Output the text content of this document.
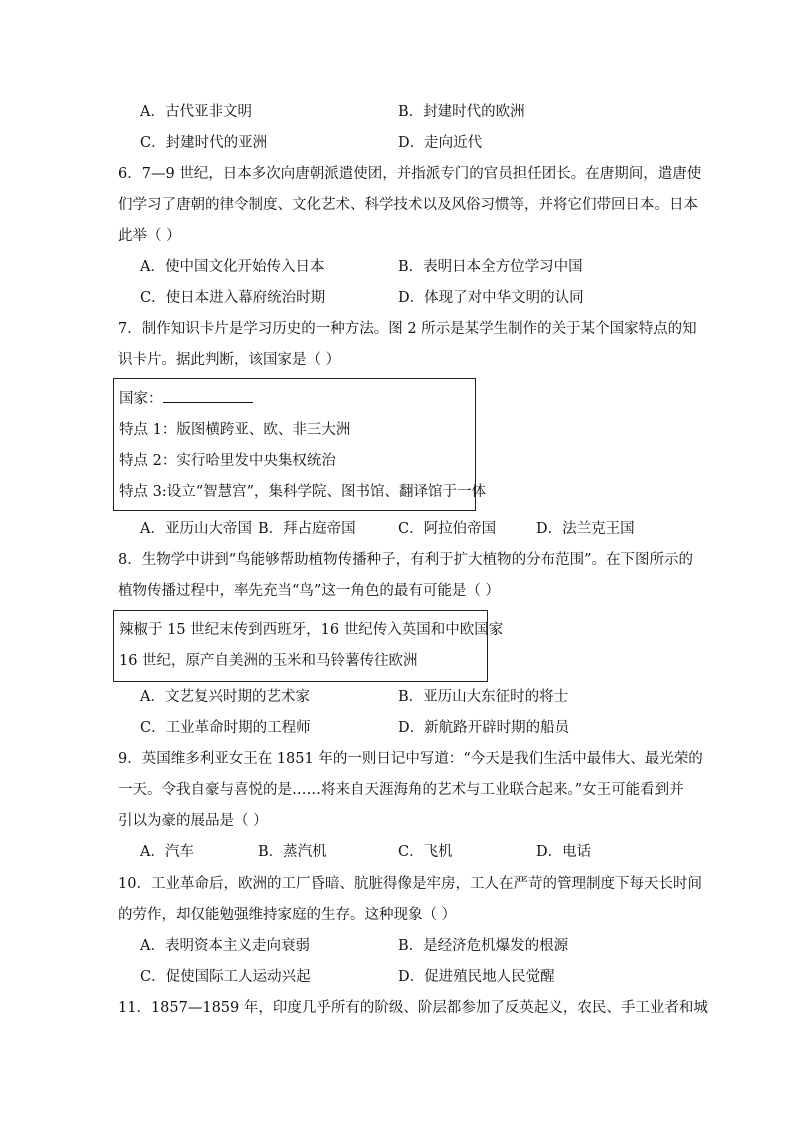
A．古代亚非文明	B．封建时代的欧洲
C．封建时代的亚洲	D．走向近代
6．7—9 世纪，日本多次向唐朝派遣使团，并指派专门的官员担任团长。在唐期间，遣唐使
们学习了唐朝的律令制度、文化艺术、科学技术以及风俗习惯等，并将它们带回日本。日本
此举（ ）
A．使中国文化开始传入日本	B．表明日本全方位学习中国
C．使日本进入幕府统治时期	D．体现了对中华文明的认同
7．制作知识卡片是学习历史的一种方法。图 2 所示是某学生制作的关于某个国家特点的知
识卡片。据此判断，该国家是（ ）
国家：
特点 1：版图横跨亚、欧、非三大洲
特点 2：实行哈里发中央集权统治
特点 3:设立“智慧宫”，集科学院、图书馆、翻译馆于一体
A．亚历山大帝国 B．拜占庭帝国	C．阿拉伯帝国	D．法兰克王国
8．生物学中讲到“鸟能够帮助植物传播种子，有利于扩大植物的分布范围”。在下图所示的
植物传播过程中，率先充当“鸟”这一角色的最有可能是（ ）
辣椒于 15 世纪末传到西班牙，16 世纪传入英国和中欧国家
16 世纪，原产自美洲的玉米和马铃薯传往欧洲
A．文艺复兴时期的艺术家	B．亚历山大东征时的将士
C．工业革命时期的工程师	D．新航路开辟时期的船员
9．英国维多利亚女王在 1851 年的一则日记中写道：“今天是我们生活中最伟大、最光荣的
一天。令我自豪与喜悦的是……将来自天涯海角的艺术与工业联合起来。”女王可能看到并
引以为豪的展品是（ ）
A．汽车	B．蒸汽机	C．飞机	D．电话
10．工业革命后，欧洲的工厂昏暗、肮脏得像是牢房，工人在严苛的管理制度下每天长时间
的劳作，却仅能勉强维持家庭的生存。这种现象（ ）
A．表明资本主义走向衰弱	B．是经济危机爆发的根源
C．促使国际工人运动兴起	D．促进殖民地人民觉醒
11．1857—1859 年，印度几乎所有的阶级、阶层都参加了反英起义，农民、手工业者和城
